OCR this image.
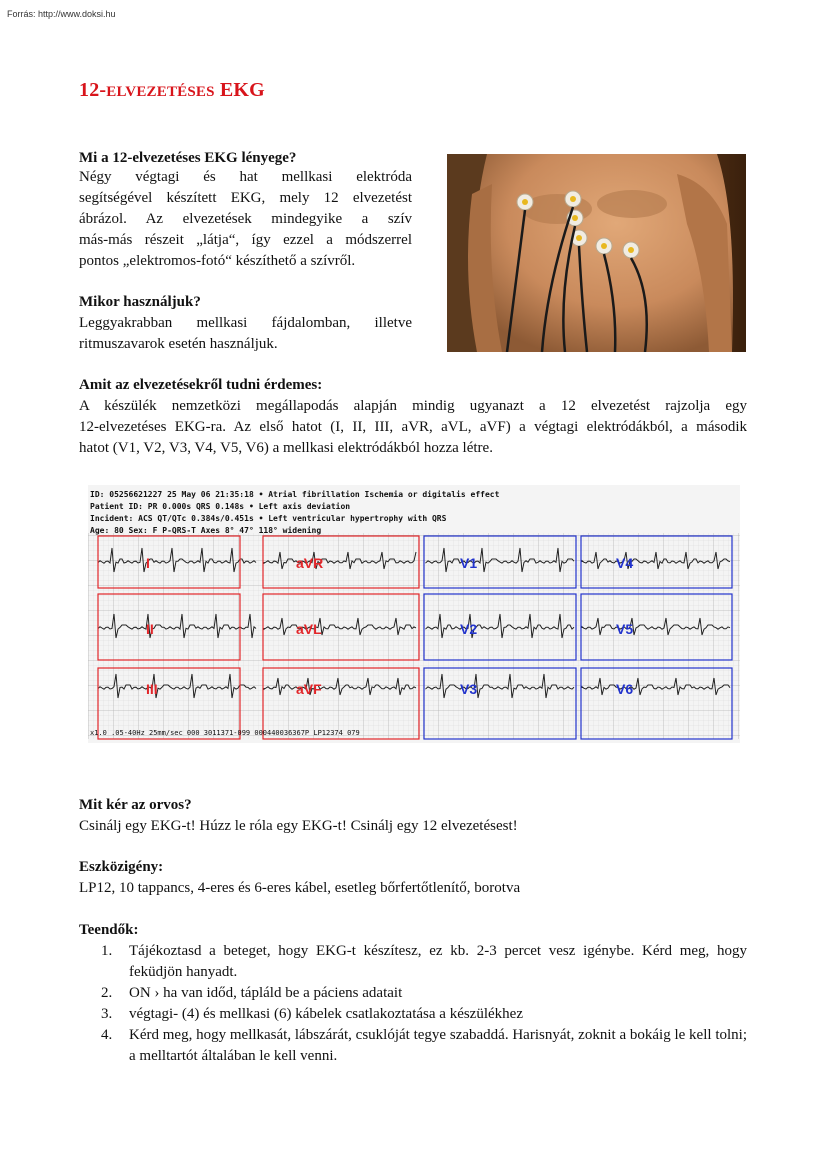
Forrás: http://www.doksi.hu
12-ELVEZETÉSES EKG
Mi a 12-elvezetéses EKG lényege?
Négy végtagi és hat mellkasi elektróda
segítségével készített EKG, mely 12 elvezetést
ábrázol. Az elvezetések mindegyike a szív
más-más részeit „látja“, így ezzel a módszerrel
pontos „elektromos-fotó“ készíthető a szívről.
Mikor használjuk?
Leggyakrabban mellkasi fájdalomban, illetve
ritmuszavarok esetén használjuk.
Amit az elvezetésekről tudni érdemes:
A készülék nemzetközi megállapodás alapján mindig ugyanazt a 12 elvezetést rajzolja egy
12-elvezetéses EKG-ra. Az első hatot (I, II, III, aVR, aVL, aVF) a végtagi elektródákból, a második
hatot (V1, V2, V3, V4, V5, V6) a mellkasi elektródákból hozza létre.
ID: 05256621227 25 May 06 21:35:18 • Atrial fibrillation Ischemia or digitalis effect
Patient ID: PR 0.000s QRS 0.148s • Left axis deviation
Incident: ACS QT/QTc 0.384s/0.451s • Left ventricular hypertrophy with QRS
Age: 80 Sex: F P-QRS-T Axes 8° 47° 118° widening
I	aVR	V1	V4
II	aVL	V2	V5
III	aVF	V3	V6
x1.0 .05-40Hz 25mm/sec 000 3011371-099 000440036367P LP12374 079
Mit kér az orvos?
Csinálj egy EKG-t! Húzz le róla egy EKG-t! Csinálj egy 12 elvezetésest!
Eszközigény:
LP12, 10 tappancs, 4-eres és 6-eres kábel, esetleg bőrfertőtlenítő, borotva
Teendők:
1. Tájékoztasd a beteget, hogy EKG-t készítesz, ez kb. 2-3 percet vesz igénybe. Kérd meg, hogy feküdjön hanyadt.
2. ON › ha van időd, tápláld be a páciens adatait
3. végtagi- (4) és mellkasi (6) kábelek csatlakoztatása a készülékhez
4. Kérd meg, hogy mellkasát, lábszárát, csuklóját tegye szabaddá. Harisnyát, zoknit a bokáig le kell tolni; a melltartót általában le kell venni.
